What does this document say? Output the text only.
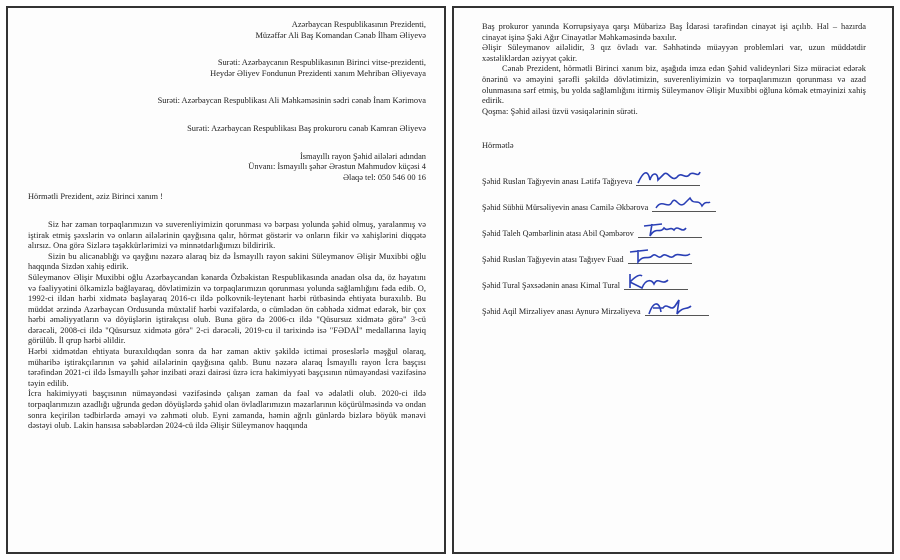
Azərbaycan Respublikasının Prezidenti,

Müzəffər Ali Baş Komandan Cənab İlham Əliyevə

Surəti: Azərbaycanın Respublikasının Birinci vitse-prezidenti,

Heydər Əliyev Fondunun Prezidenti xanım Mehriban Əliyevaya

Surəti: Azərbaycan Respublikası Ali Məhkəməsinin sədri cənab İnam Kərimova

Surəti: Azərbaycan Respublikası Baş prokuroru cənab Kamran Əliyevə

İsmayıllı rayon Şəhid ailələri adından

Ünvanı: İsmayıllı şəhər Ərəstun Mahmudov küçəsi 4

Əlaqə tel: 050 546 00 16

Hörmətli Prezident, əziz Birinci xanım !

Siz hər zaman torpaqlarımızın və suverenliyimizin qorunması və bərpası yolunda şəhid olmuş, yaralanmış və iştirak etmiş şəxslərin və onların ailələrinin qayğısına qalır, hörmət göstərir və onların fikir və xahişlərini diqqətə alırsız. Ona görə Sizlərə təşəkkürlərimizi və minnətdarlığımızı bildiririk.

Sizin bu alicənablığı və qayğını nəzərə alaraq biz də İsmayıllı rayon sakini Süleymanov Əlişir Muxibbi oğlu haqqında Sizdən xahiş edirik.

Süleymanov Əlişir Muxibbi oğlu Azərbaycandan kənarda Özbəkistan Respublikasında anadan olsa da, öz həyatını və fəaliyyətini ölkəmizlə bağlayaraq, dövlətimizin və torpaqlarımızın qorunması yolunda sağlamlığını fəda edib. O, 1992-ci ildən hərbi xidmətə başlayaraq 2016-cı ildə polkovnik-leytenant hərbi rütbəsində ehtiyata buraxılıb. Bu müddət ərzində Azərbaycan Ordusunda müxtəlif hərbi vəzifələrdə, o cümlədən ön cəbhədə xidmət edərək, bir çox hərbi əməliyyatların və döyüşlərin iştirakçısı olub. Buna görə də 2006-cı ildə "Qüsursuz xidmətə görə" 3-cü dərəcəli, 2008-ci ildə "Qüsursuz xidmətə görə" 2-ci dərəcəli, 2019-cu il tarixində isə "FƏDAİ" medallarına layiq görülüb. İl qrup hərbi əlildir.

Hərbi xidmətdən ehtiyata buraxıldıqdan sonra da hər zaman aktiv şəkildə ictimai proseslərlə məşğul olaraq, müharibə iştirakçılarının və şəhid ailələrinin qayğısına qalıb. Bunu nəzərə alaraq İsmayıllı rayon İcra başçısı tərəfindən 2021-ci ildə İsmayıllı şəhər inzibati ərazi dairəsi üzrə icra hakimiyyəti başçısının nümayəndəsi vəzifəsinə təyin edilib.

İcra hakimiyyəti başçısının nümayəndəsi vəzifəsində çalışan zaman da fəal və ədalətli olub. 2020-ci ildə torpaqlarımızın azadlığı uğrunda gedən döyüşlərdə şəhid olan övladlarımızın məzarlarının köçürülməsində və ondan sonra keçirilən tədbirlərdə əməyi və zəhməti olub. Eyni zamanda, həmin ağrılı günlərdə bizlərə böyük mənəvi dəstəyi olub. Lakin hansısa səbəblərdən 2024-cü ildə Əlişir Süleymanov haqqında

Baş prokuror yanında Korrupsiyaya qarşı Mübarizə Baş İdarəsi tərəfindən cinayət işi açılıb. Hal – hazırda cinayət işinə Şəki Ağır Cinayətlər Məhkəməsində baxılır.

Əlişir Süleymanov ailəlidir, 3 qız övladı var. Səhhətində müəyyən problemləri var, uzun müddətdir xəstəliklərdən əziyyət çəkir.

Cənab Prezident, hörmətli Birinci xanım biz, aşağıda imza edən Şəhid valideynləri Sizə müraciət edərək önərinü və əməyini şərəfli şəkildə dövlətimizin, suverenliyimizin və torpaqlarımızın qorunması və azad olunmasına sərf etmiş, bu yolda sağlamlığını itirmiş Süleymanov Əlişir Muxibbi oğluna kömək etməyinizi xahiş edirik.

Qoşma: Şəhid ailəsi üzvü vəsiqələrinin sürəti.

Hörmətlə

Şəhid Ruslan Tağıyevin anası Lətifə Tağıyeva
Şəhid Sübhü Mürsəliyevin anası Camilə Əkbərova
Şəhid Taleh Qəmbərlinin atası Abil Qəmbərov
Şəhid Ruslan Tağıyevin atası Tağıyev Fuad
Şəhid Tural Şəxsədənin anası Kimal Tural
Şəhid Aqil Mirzəliyev anası Aynurə Mirzəliyeva
